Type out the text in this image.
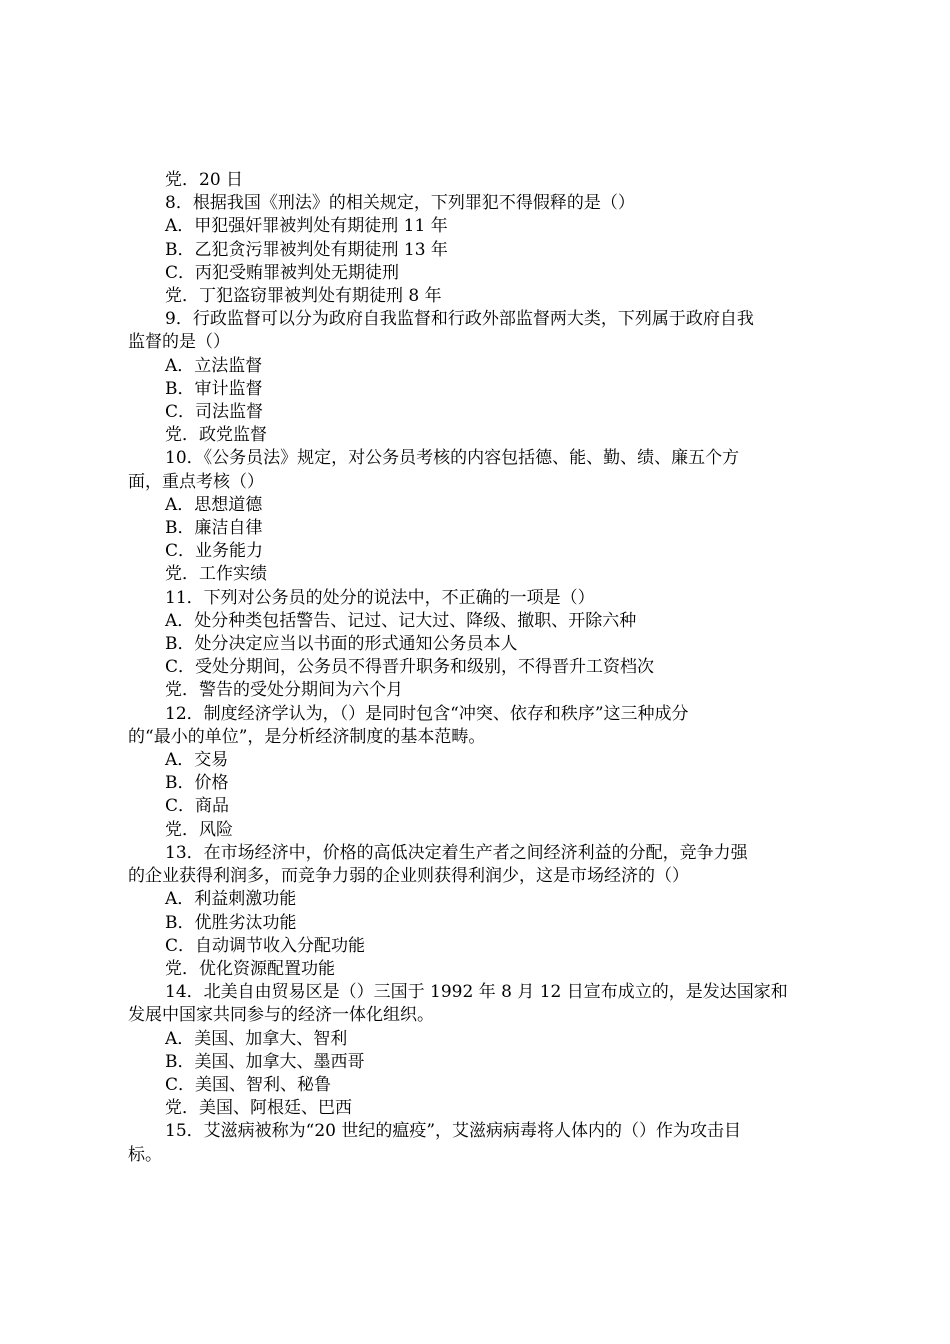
党．20 日
8．根据我国《刑法》的相关规定，下列罪犯不得假释的是（）
A．甲犯强奸罪被判处有期徒刑 11 年
B．乙犯贪污罪被判处有期徒刑 13 年
C．丙犯受贿罪被判处无期徒刑
党．丁犯盗窃罪被判处有期徒刑 8 年
9．行政监督可以分为政府自我监督和行政外部监督两大类，下列属于政府自我
监督的是（）
A．立法监督
B．审计监督
C．司法监督
党．政党监督
10．《公务员法》规定，对公务员考核的内容包括德、能、勤、绩、廉五个方
面，重点考核（）
A．思想道德
B．廉洁自律
C．业务能力
党．工作实绩
11．下列对公务员的处分的说法中，不正确的一项是（）
A．处分种类包括警告、记过、记大过、降级、撤职、开除六种
B．处分决定应当以书面的形式通知公务员本人
C．受处分期间，公务员不得晋升职务和级别，不得晋升工资档次
党．警告的受处分期间为六个月
12．制度经济学认为，（）是同时包含“冲突、依存和秩序”这三种成分
的“最小的单位”，是分析经济制度的基本范畴。
A．交易
B．价格
C．商品
党．风险
13．在市场经济中，价格的高低决定着生产者之间经济利益的分配，竞争力强
的企业获得利润多，而竞争力弱的企业则获得利润少，这是市场经济的（）
A．利益刺激功能
B．优胜劣汰功能
C．自动调节收入分配功能
党．优化资源配置功能
14．北美自由贸易区是（）三国于 1992 年 8 月 12 日宣布成立的，是发达国家和
发展中国家共同参与的经济一体化组织。
A．美国、加拿大、智利
B．美国、加拿大、墨西哥
C．美国、智利、秘鲁
党．美国、阿根廷、巴西
15．艾滋病被称为“20 世纪的瘟疫”，艾滋病病毒将人体内的（）作为攻击目
标。
